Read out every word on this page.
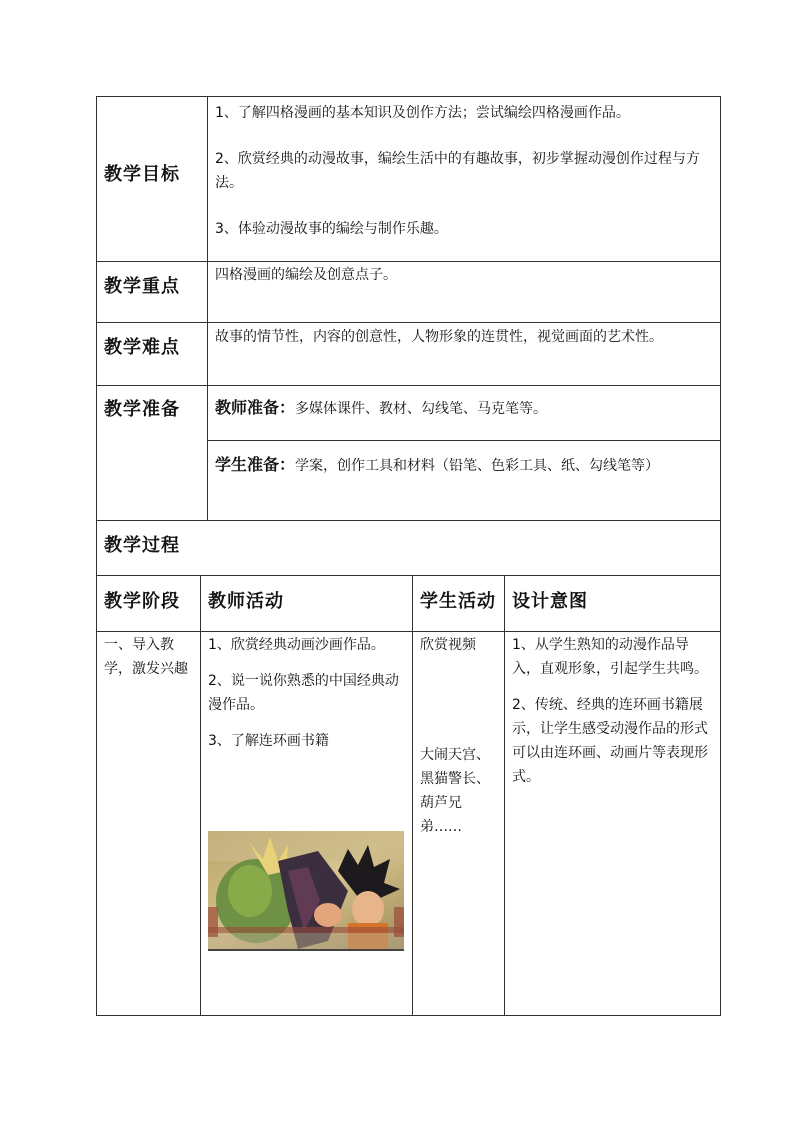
教学目标

1、了解四格漫画的基本知识及创作方法；尝试编绘四格漫画作品。

2、欣赏经典的动漫故事，编绘生活中的有趣故事，初步掌握动漫创作过程与方法。

3、体验动漫故事的编绘与制作乐趣。

教学重点
四格漫画的编绘及创意点子。
教学难点	故事的情节性，内容的创意性，人物形象的连贯性，视觉画面的艺术性。
教学准备 教师准备：多媒体课件、教材、勾线笔、马克笔等。
学生准备：学案，创作工具和材料（铅笔、色彩工具、纸、勾线笔等）
教学过程
教学阶段 教师活动	学生活动 设计意图
一、导入教学，激发兴趣

1、欣赏经典动画沙画作品。

2、说一说你熟悉的中国经典动漫作品。

3、了解连环画书籍

欣赏视频
大闹天宫、黑猫警长、葫芦兄弟……

1、从学生熟知的动漫作品导入，直观形象，引起学生共鸣。

2、传统、经典的连环画书籍展示，让学生感受动漫作品的形式可以由连环画、动画片等表现形式。
